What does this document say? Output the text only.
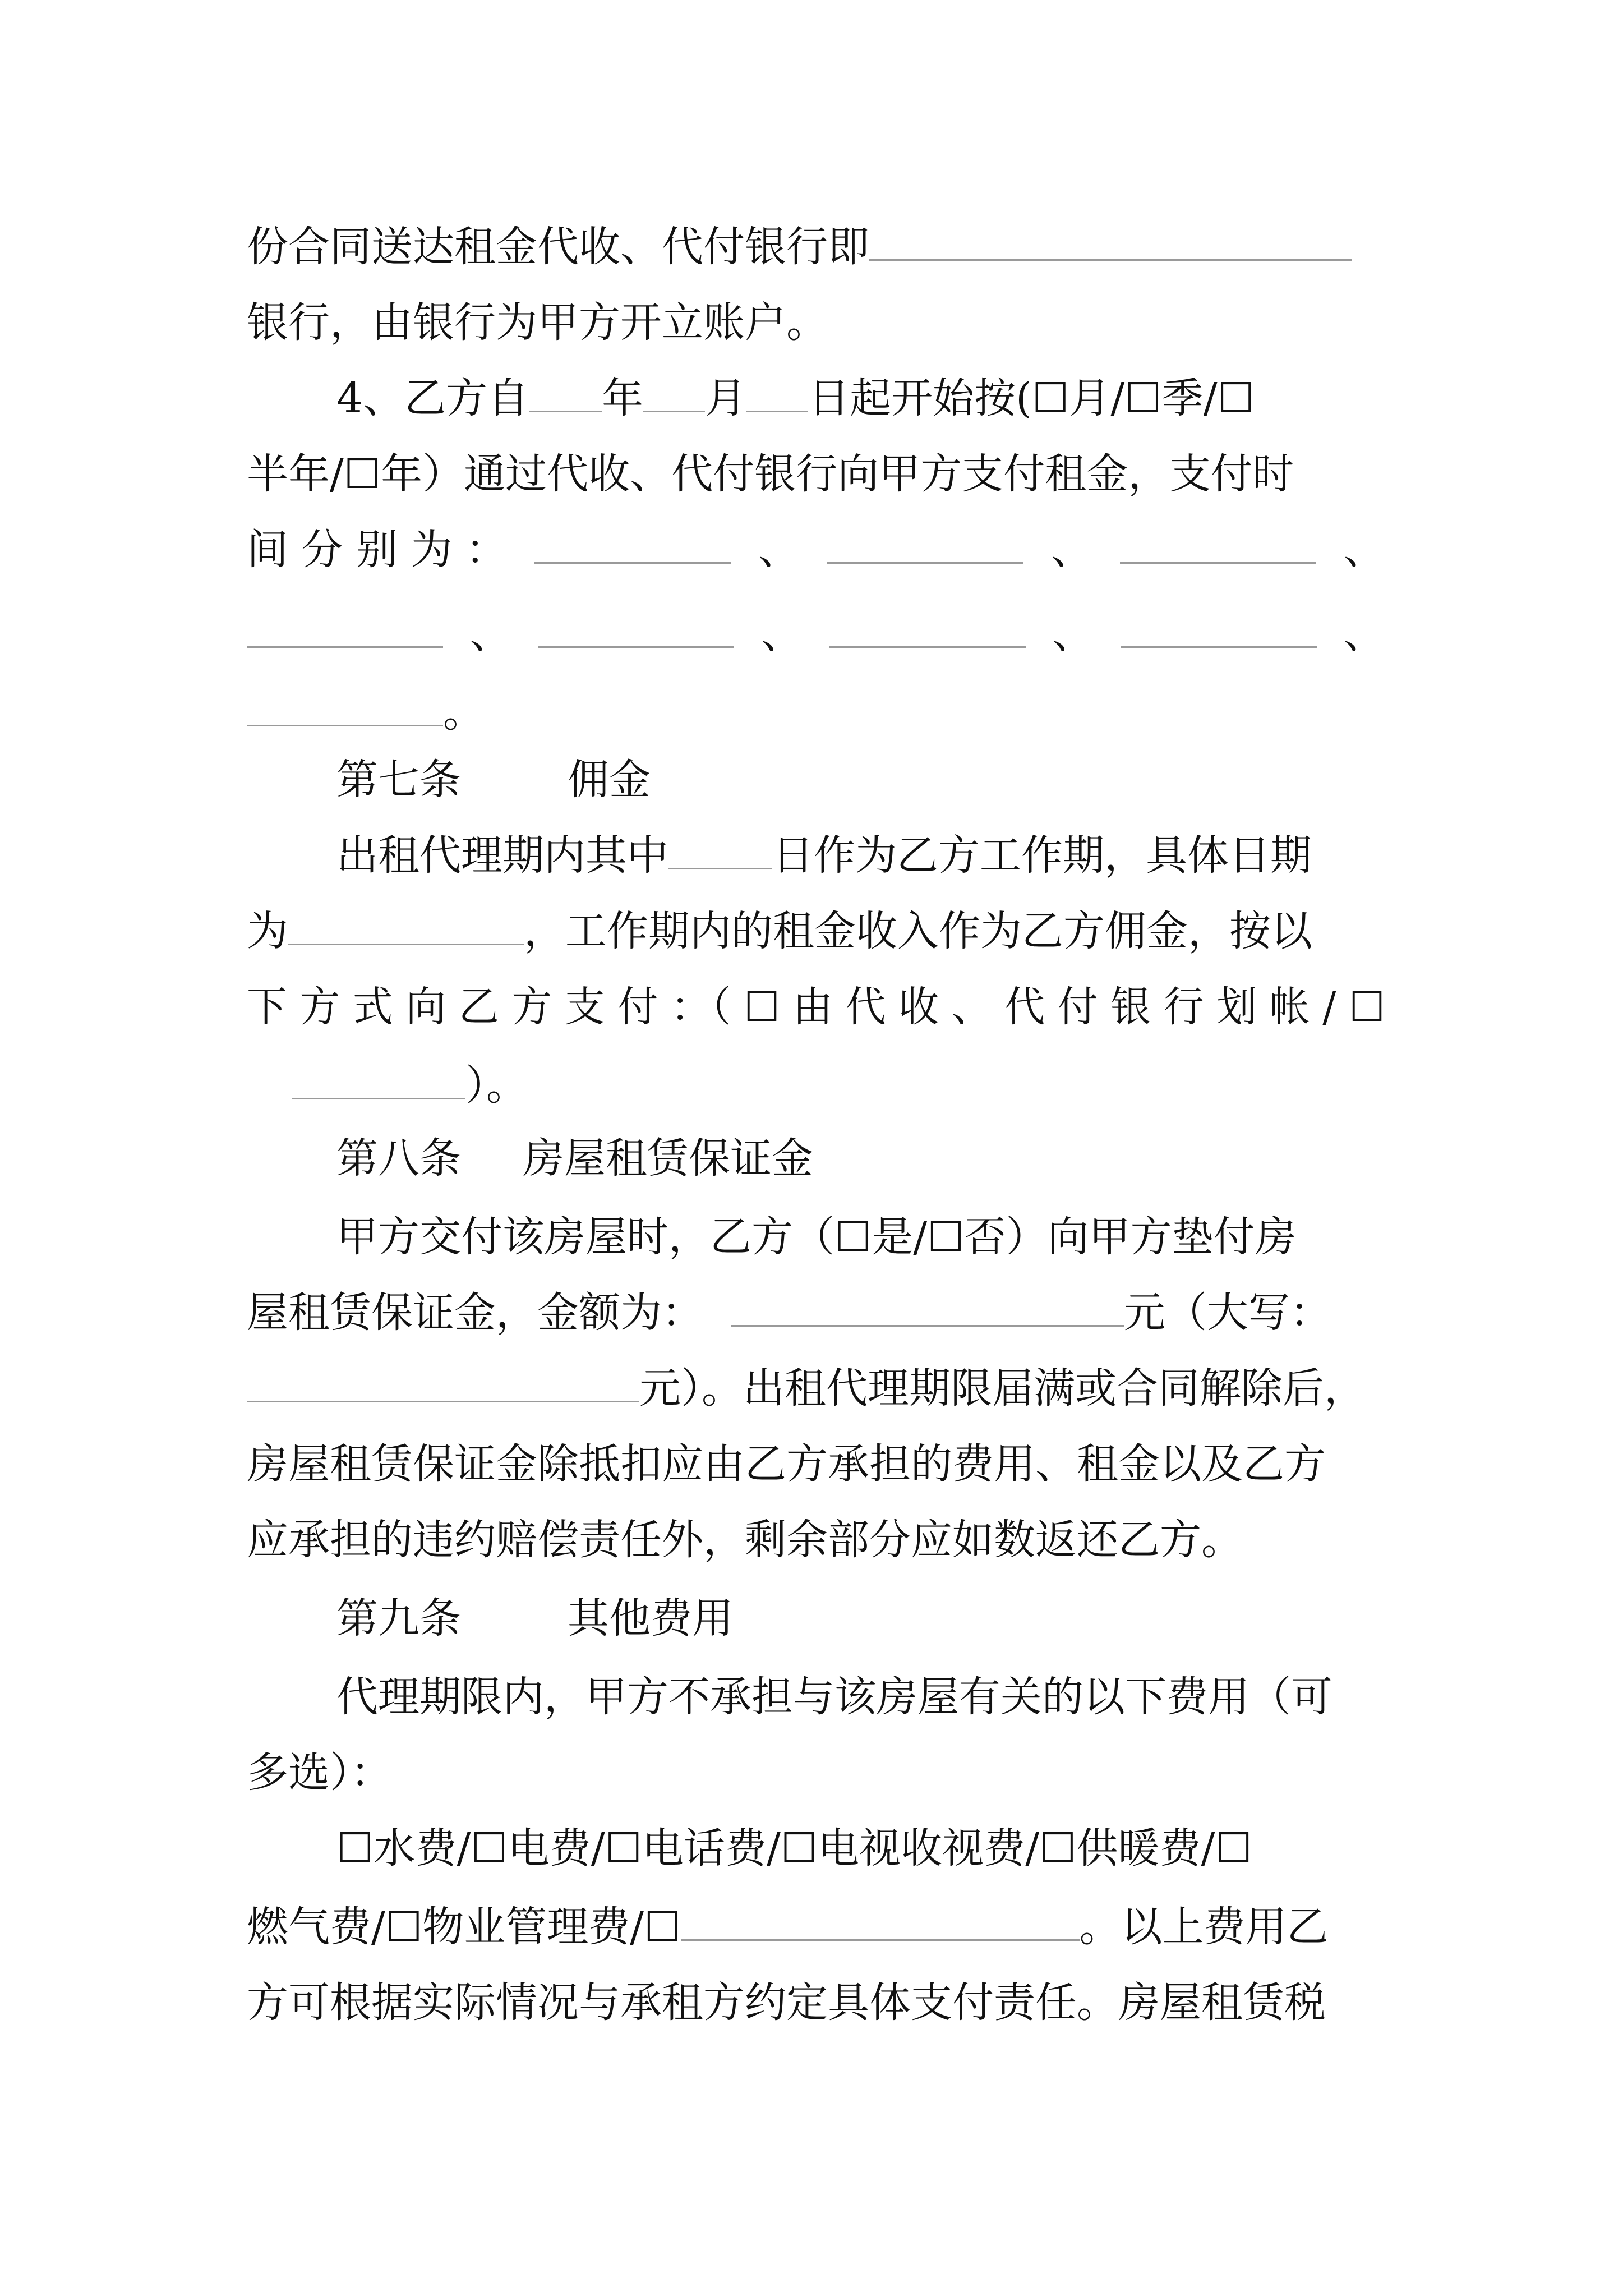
份合同送达租金代收、代付银行即
银行，由银行为甲方开立账户。
4、乙方自 年 月 日起开始按(☐月/☐季/☐
半年/☐年）通过代收、代付银行向甲方支付租金，支付时
间 分 别 为 ：	、	、	、
、	、	、	、
。
第七条	佣金
出租代理期内其中	日作为乙方工作期，具体日期
为	，工作期内的租金收入作为乙方佣金，按以
下 方 式 向 乙 方 支 付 ：（ ☐ 由 代 收 、 代 付 银 行 划 帐 / ☐
）。
第八条 房屋租赁保证金
甲方交付该房屋时，乙方（☐是/☐否）向甲方垫付房
屋租赁保证金，金额为：	元（大写：
元）。出租代理期限届满或合同解除后，
房屋租赁保证金除抵扣应由乙方承担的费用、租金以及乙方
应承担的违约赔偿责任外，剩余部分应如数返还乙方。
第九条	其他费用
代理期限内，甲方不承担与该房屋有关的以下费用（可
多选）：
☐水费/☐电费/☐电话费/☐电视收视费/☐供暖费/☐
燃气费/☐物业管理费/☐	。以上费用乙
方可根据实际情况与承租方约定具体支付责任。房屋租赁税
